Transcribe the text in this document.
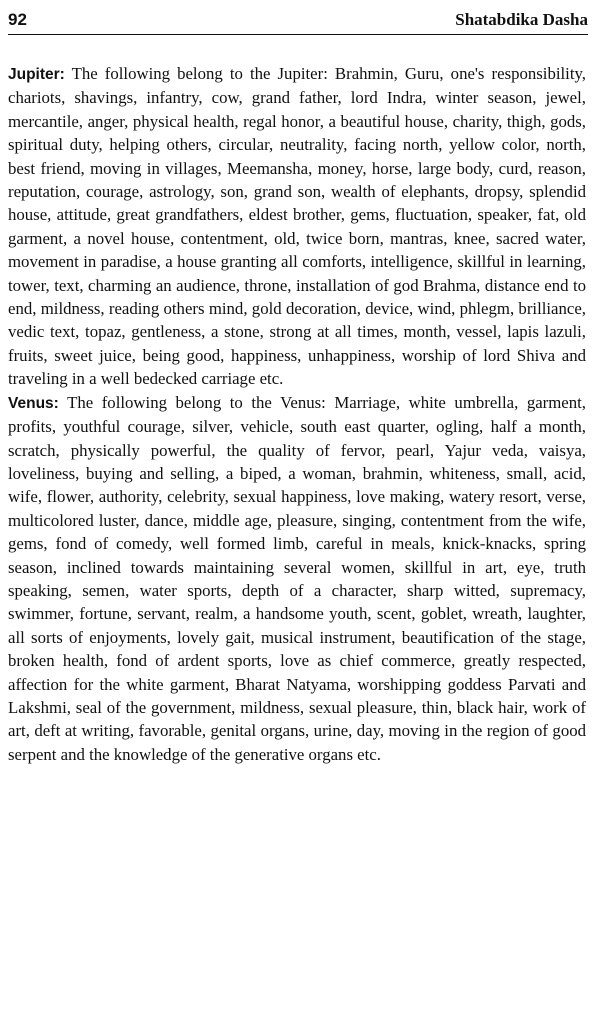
92	Shatabdika Dasha

Jupiter: The following belong to the Jupiter: Brahmin, Guru, one's responsibility, chariots, shavings, infantry, cow, grand father, lord Indra, winter season, jewel, mercantile, anger, physical health, regal honor, a beautiful house, charity, thigh, gods, spiritual duty, helping others, circular, neutrality, facing north, yellow color, north, best friend, moving in villages, Meemansha, money, horse, large body, curd, reason, reputation, courage, astrology, son, grand son, wealth of elephants, dropsy, splendid house, attitude, great grandfathers, eldest brother, gems, fluctuation, speaker, fat, old garment, a novel house, contentment, old, twice born, mantras, knee, sacred water, movement in paradise, a house granting all comforts, intelligence, skillful in learning, tower, text, charming an audience, throne, installation of god Brahma, distance end to end, mildness, reading others mind, gold decoration, device, wind, phlegm, brilliance, vedic text, topaz, gentleness, a stone, strong at all times, month, vessel, lapis lazuli, fruits, sweet juice, being good, happiness, unhappiness, worship of lord Shiva and traveling in a well bedecked carriage etc.

Venus: The following belong to the Venus: Marriage, white umbrella, garment, profits, youthful courage, silver, vehicle, south east quarter, ogling, half a month, scratch, physically powerful, the quality of fervor, pearl, Yajur veda, vaisya, loveliness, buying and selling, a biped, a woman, brahmin, whiteness, small, acid, wife, flower, authority, celebrity, sexual happiness, love making, watery resort, verse, multicolored luster, dance, middle age, pleasure, singing, contentment from the wife, gems, fond of comedy, well formed limb, careful in meals, knick-knacks, spring season, inclined towards maintaining several women, skillful in art, eye, truth speaking, semen, water sports, depth of a character, sharp witted, supremacy, swimmer, fortune, servant, realm, a handsome youth, scent, goblet, wreath, laughter, all sorts of enjoyments, lovely gait, musical instrument, beautification of the stage, broken health, fond of ardent sports, love as chief commerce, greatly respected, affection for the white garment, Bharat Natyama, worshipping goddess Parvati and Lakshmi, seal of the government, mildness, sexual pleasure, thin, black hair, work of art, deft at writing, favorable, genital organs, urine, day, moving in the region of good serpent and the knowledge of the generative organs etc.
